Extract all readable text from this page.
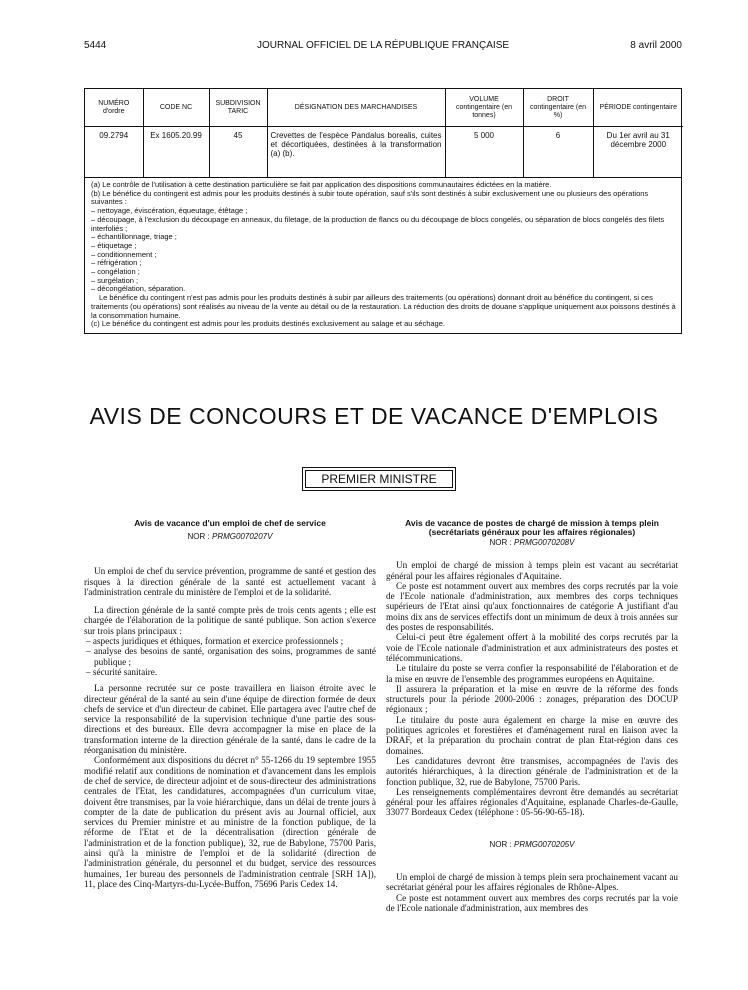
5444	JOURNAL OFFICIEL DE LA RÉPUBLIQUE FRANÇAISE	8 avril 2000
NUMÉRO d'ordre	CODE NC	SUBDIVISION TARIC	DÉSIGNATION DES MARCHANDISES	VOLUME contingentaire (en tonnes)	DROIT contingentaire (en %)	PÉRIODE contingentaire
09.2794	Ex 1605.20.99	45	Crevettes de l'espèce Pandalus borealis, cuites et décortiquées, destinées à la transformation (a) (b).	5 000	6	Du 1er avril au 31 décembre 2000

(a) Le contrôle de l'utilisation à cette destination particulière se fait par application des dispositions communautaires édictées en la matière.

(b) Le bénéfice du contingent est admis pour les produits destinés à subir toute opération, sauf s'ils sont destinés à subir exclusivement une ou plusieurs des opérations suivantes :

– nettoyage, éviscération, équeutage, étêtage ;
– découpage, à l'exclusion du découpage en anneaux, du filetage, de la production de flancs ou du découpage de blocs congelés, ou séparation de blocs congelés des filets interfoliés ;
– échantillonnage, triage ;
– étiquetage ;
– conditionnement ;
– réfrigération ;
– congélation ;
– surgélation ;
– décongélation, séparation.

Le bénéfice du contingent n'est pas admis pour les produits destinés à subir par ailleurs des traitements (ou opérations) donnant droit au bénéfice du contingent, si ces traitements (ou opérations) sont réalisés au niveau de la vente au détail ou de la restauration. La réduction des droits de douane s'applique uniquement aux poissons destinés à la consommation humaine.

(c) Le bénéfice du contingent est admis pour les produits destinés exclusivement au salage et au séchage.

AVIS DE CONCOURS ET DE VACANCE D'EMPLOIS
PREMIER MINISTRE
Avis de vacance d'un emploi de chef de service
NOR : PRMG0070207V

Un emploi de chef du service prévention, programme de santé et gestion des risques à la direction générale de la santé est actuellement vacant à l'administration centrale du ministère de l'emploi et de la solidarité.

La direction générale de la santé compte près de trois cents agents ; elle est chargée de l'élaboration de la politique de santé publique. Son action s'exerce sur trois plans principaux :

– aspects juridiques et éthiques, formation et exercice professionnels ;
– analyse des besoins de santé, organisation des soins, programmes de santé publique ;
– sécurité sanitaire.

La personne recrutée sur ce poste travaillera en liaison étroite avec le directeur général de la santé au sein d'une équipe de direction formée de deux chefs de service et d'un directeur de cabinet. Elle partagera avec l'autre chef de service la responsabilité de la supervision technique d'une partie des sous-directions et des bureaux. Elle devra accompagner la mise en place de la transformation interne de la direction générale de la santé, dans le cadre de la réorganisation du ministère.

Conformément aux dispositions du décret n° 55-1266 du 19 septembre 1955 modifié relatif aux conditions de nomination et d'avancement dans les emplois de chef de service, de directeur adjoint et de sous-directeur des administrations centrales de l'Etat, les candidatures, accompagnées d'un curriculum vitae, doivent être transmises, par la voie hiérarchique, dans un délai de trente jours à compter de la date de publication du présent avis au Journal officiel, aux services du Premier ministre et au ministre de la fonction publique, de la réforme de l'Etat et de la décentralisation (direction générale de l'administration et de la fonction publique), 32, rue de Babylone, 75700 Paris, ainsi qu'à la ministre de l'emploi et de la solidarité (direction de l'administration générale, du personnel et du budget, service des ressources humaines, 1er bureau des personnels de l'administration centrale [SRH 1A]), 11, place des Cinq-Martyrs-du-Lycée-Buffon, 75696 Paris Cedex 14.

Avis de vacance de postes de chargé de mission à temps plein (secrétariats généraux pour les affaires régionales)
NOR : PRMG0070208V

Un emploi de chargé de mission à temps plein est vacant au secrétariat général pour les affaires régionales d'Aquitaine.

Ce poste est notamment ouvert aux membres des corps recrutés par la voie de l'Ecole nationale d'administration, aux membres des corps techniques supérieurs de l'Etat ainsi qu'aux fonctionnaires de catégorie A justifiant d'au moins dix ans de services effectifs dont un minimum de deux à trois années sur des postes de responsabilités.

Celui-ci peut être également offert à la mobilité des corps recrutés par la voie de l'Ecole nationale d'administration et aux administrateurs des postes et télécommunications.

Le titulaire du poste se verra confier la responsabilité de l'élaboration et de la mise en œuvre de l'ensemble des programmes européens en Aquitaine.

Il assurera la préparation et la mise en œuvre de la réforme des fonds structurels pour la période 2000-2006 : zonages, préparation des DOCUP régionaux ;

Le titulaire du poste aura également en charge la mise en œuvre des politiques agricoles et forestières et d'aménagement rural en liaison avec la DRAF, et la préparation du prochain contrat de plan Etat-région dans ces domaines.

Les candidatures devront être transmises, accompagnées de l'avis des autorités hiérarchiques, à la direction générale de l'administration et de la fonction publique, 32, rue de Babylone, 75700 Paris.

Les renseignements complémentaires devront être demandés au secrétariat général pour les affaires régionales d'Aquitaine, esplanade Charles-de-Gaulle, 33077 Bordeaux Cedex (téléphone : 05-56-90-65-18).

NOR : PRMG0070205V

Un emploi de chargé de mission à temps plein sera prochainement vacant au secrétariat général pour les affaires régionales de Rhône-Alpes.

Ce poste est notamment ouvert aux membres des corps recrutés par la voie de l'Ecole nationale d'administration, aux membres des
